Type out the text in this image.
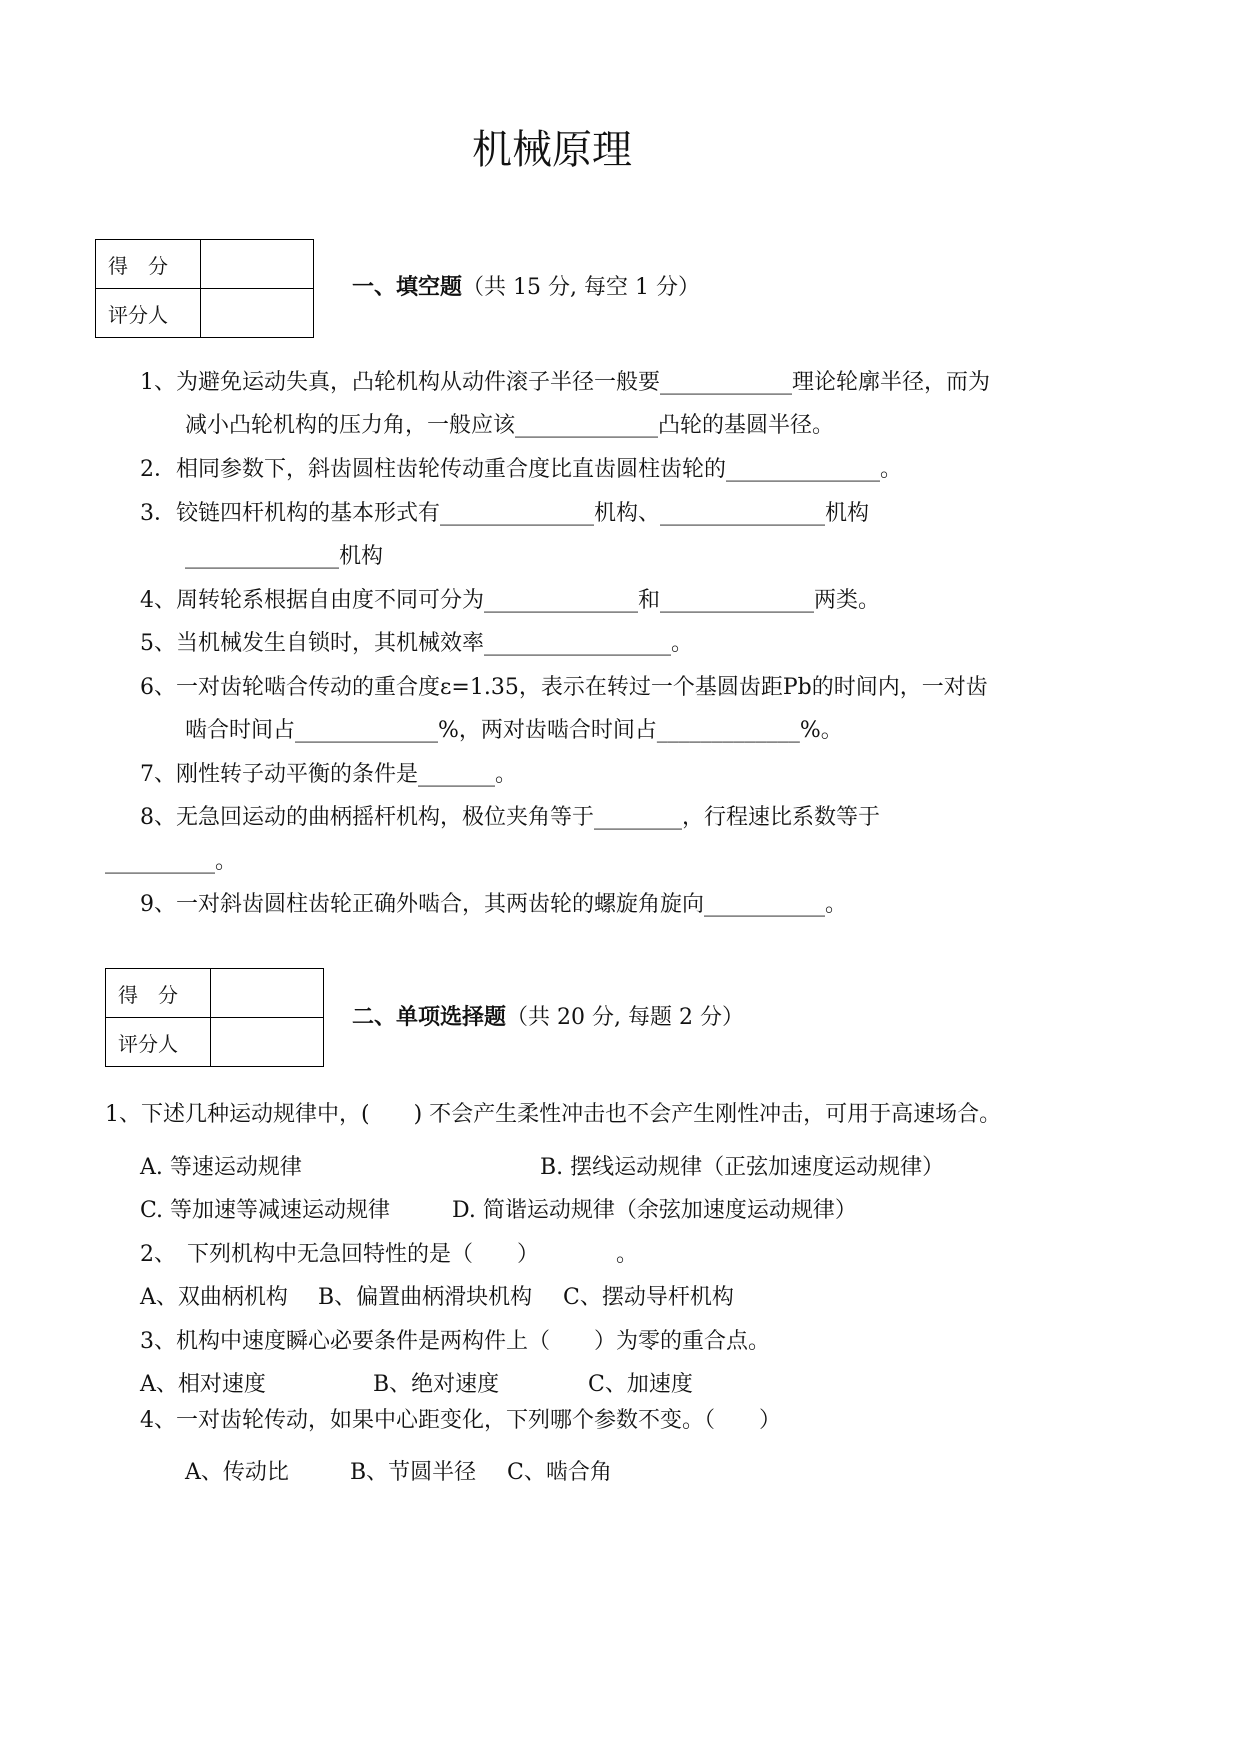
机械原理
得　分	
评分人	
一、填空题（共 15 分, 每空 1 分）
1、为避免运动失真，凸轮机构从动件滚子半径一般要____________理论轮廓半径，而为
减小凸轮机构的压力角，一般应该_____________凸轮的基圆半径。
2．相同参数下，斜齿圆柱齿轮传动重合度比直齿圆柱齿轮的______________。
3．铰链四杆机构的基本形式有______________机构、_______________机构
______________机构
4、周转轮系根据自由度不同可分为______________和______________两类。
5、当机械发生自锁时，其机械效率_________________。
6、一对齿轮啮合传动的重合度ε=1.35，表示在转过一个基圆齿距Pb的时间内，一对齿
啮合时间占_____________%，两对齿啮合时间占_____________%。
7、刚性转子动平衡的条件是_______。
8、无急回运动的曲柄摇杆机构，极位夹角等于________，行程速比系数等于
__________。
9、一对斜齿圆柱齿轮正确外啮合，其两齿轮的螺旋角旋向___________。
得　分	
评分人	
二、单项选择题（共 20 分, 每题 2 分）
1、下述几种运动规律中，(　　) 不会产生柔性冲击也不会产生刚性冲击，可用于高速场合。
A. 等速运动规律	B. 摆线运动规律（正弦加速度运动规律）
C. 等加速等减速运动规律	D. 简谐运动规律（余弦加速度运动规律）
2、　下列机构中无急回特性的是（　　）　　　　。
A、双曲柄机构 B、偏置曲柄滑块机构 C、摆动导杆机构
3、机构中速度瞬心必要条件是两构件上（　　）为零的重合点。
A、相对速度	B、绝对速度	C、加速度
4、一对齿轮传动，如果中心距变化，下列哪个参数不变。（　　）
A、传动比	B、节圆半径 C、啮合角
